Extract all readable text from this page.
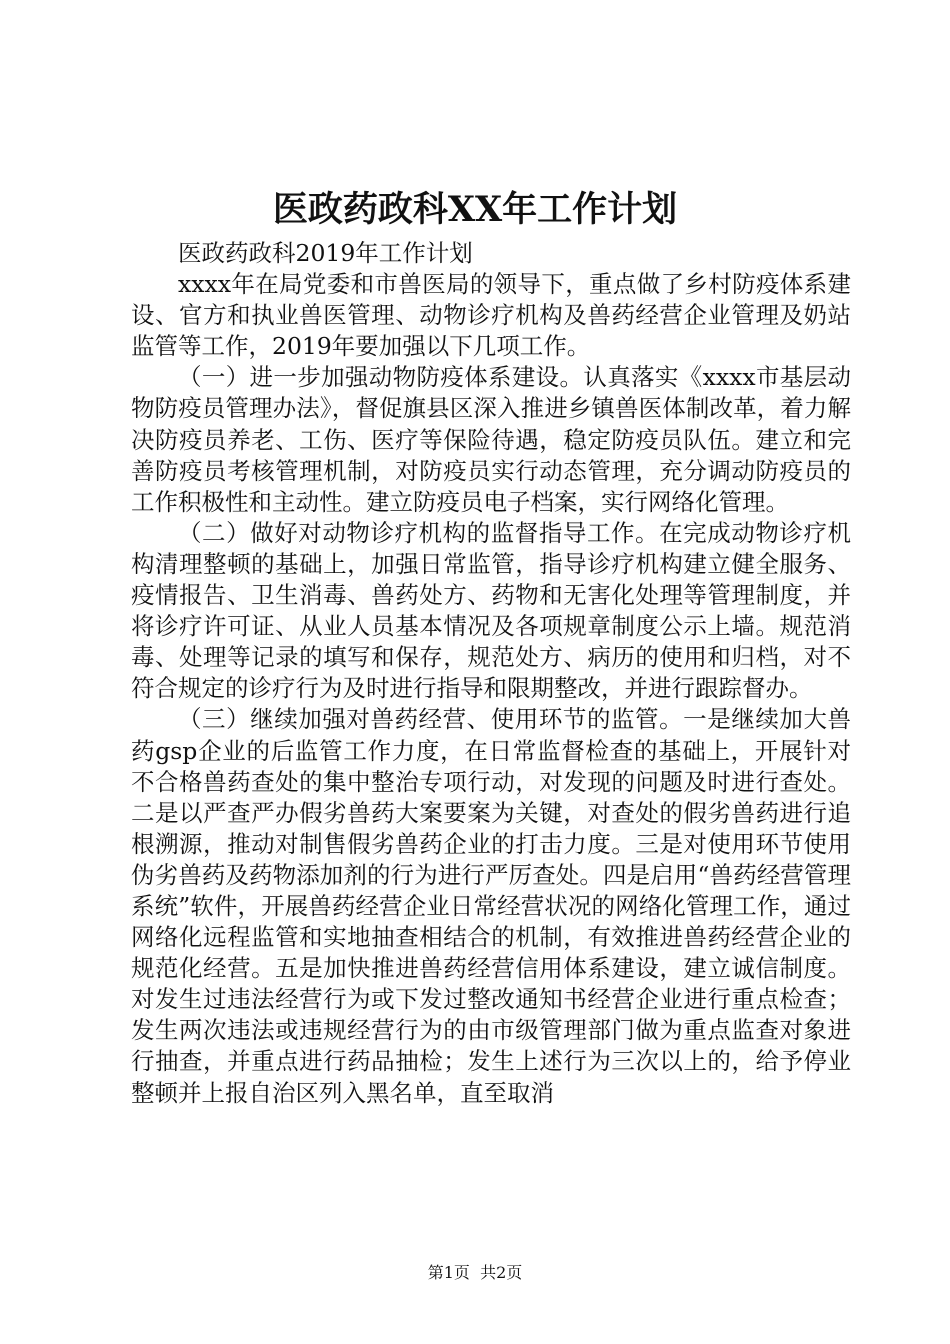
医政药政科XX年工作计划

医政药政科2019年工作计划

xxxx年在局党委和市兽医局的领导下，重点做了乡村防疫体系建设、官方和执业兽医管理、动物诊疗机构及兽药经营企业管理及奶站监管等工作，2019年要加强以下几项工作。

（一）进一步加强动物防疫体系建设。认真落实《xxxx市基层动物防疫员管理办法》，督促旗县区深入推进乡镇兽医体制改革，着力解决防疫员养老、工伤、医疗等保险待遇，稳定防疫员队伍。建立和完善防疫员考核管理机制，对防疫员实行动态管理，充分调动防疫员的工作积极性和主动性。建立防疫员电子档案，实行网络化管理。

（二）做好对动物诊疗机构的监督指导工作。在完成动物诊疗机构清理整顿的基础上，加强日常监管，指导诊疗机构建立健全服务、疫情报告、卫生消毒、兽药处方、药物和无害化处理等管理制度，并将诊疗许可证、从业人员基本情况及各项规章制度公示上墙。规范消毒、处理等记录的填写和保存，规范处方、病历的使用和归档，对不符合规定的诊疗行为及时进行指导和限期整改，并进行跟踪督办。

（三）继续加强对兽药经营、使用环节的监管。一是继续加大兽药gsp企业的后监管工作力度，在日常监督检查的基础上，开展针对不合格兽药查处的集中整治专项行动，对发现的问题及时进行查处。二是以严查严办假劣兽药大案要案为关键，对查处的假劣兽药进行追根溯源，推动对制售假劣兽药企业的打击力度。三是对使用环节使用伪劣兽药及药物添加剂的行为进行严厉查处。四是启用“兽药经营管理系统”软件，开展兽药经营企业日常经营状况的网络化管理工作，通过网络化远程监管和实地抽查相结合的机制，有效推进兽药经营企业的规范化经营。五是加快推进兽药经营信用体系建设，建立诚信制度。对发生过违法经营行为或下发过整改通知书经营企业进行重点检查；发生两次违法或违规经营行为的由市级管理部门做为重点监查对象进行抽查，并重点进行药品抽检；发生上述行为三次以上的，给予停业整顿并上报自治区列入黑名单，直至取消

第1页 共2页
